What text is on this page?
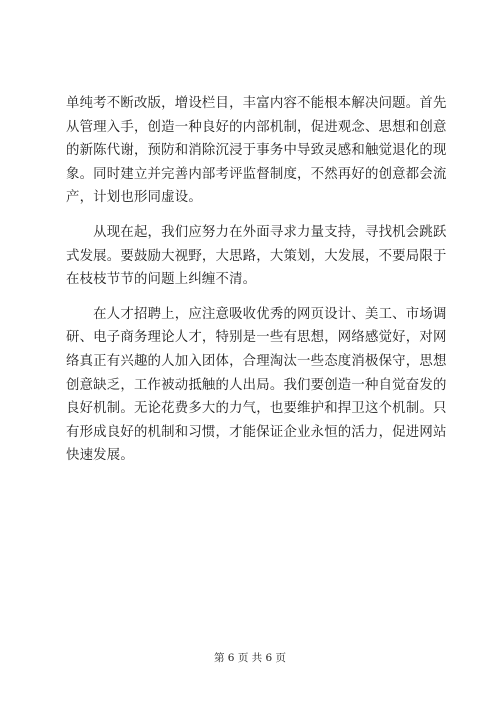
单纯考不断改版，增设栏目，丰富内容不能根本解决问题。首先
从管理入手，创造一种良好的内部机制，促进观念、思想和创意
的新陈代谢，预防和消除沉浸于事务中导致灵感和触觉退化的现
象。同时建立并完善内部考评监督制度，不然再好的创意都会流
产，计划也形同虚设。
　　从现在起，我们应努力在外面寻求力量支持，寻找机会跳跃
式发展。要鼓励大视野，大思路，大策划，大发展，不要局限于
在枝枝节节的问题上纠缠不清。
　　在人才招聘上，应注意吸收优秀的网页设计、美工、市场调
研、电子商务理论人才，特别是一些有思想，网络感觉好，对网
络真正有兴趣的人加入团体，合理淘汰一些态度消极保守，思想
创意缺乏，工作被动抵触的人出局。我们要创造一种自觉奋发的
良好机制。无论花费多大的力气，也要维护和捍卫这个机制。只
有形成良好的机制和习惯，才能保证企业永恒的活力，促进网站
快速发展。
第 6 页 共 6 页
